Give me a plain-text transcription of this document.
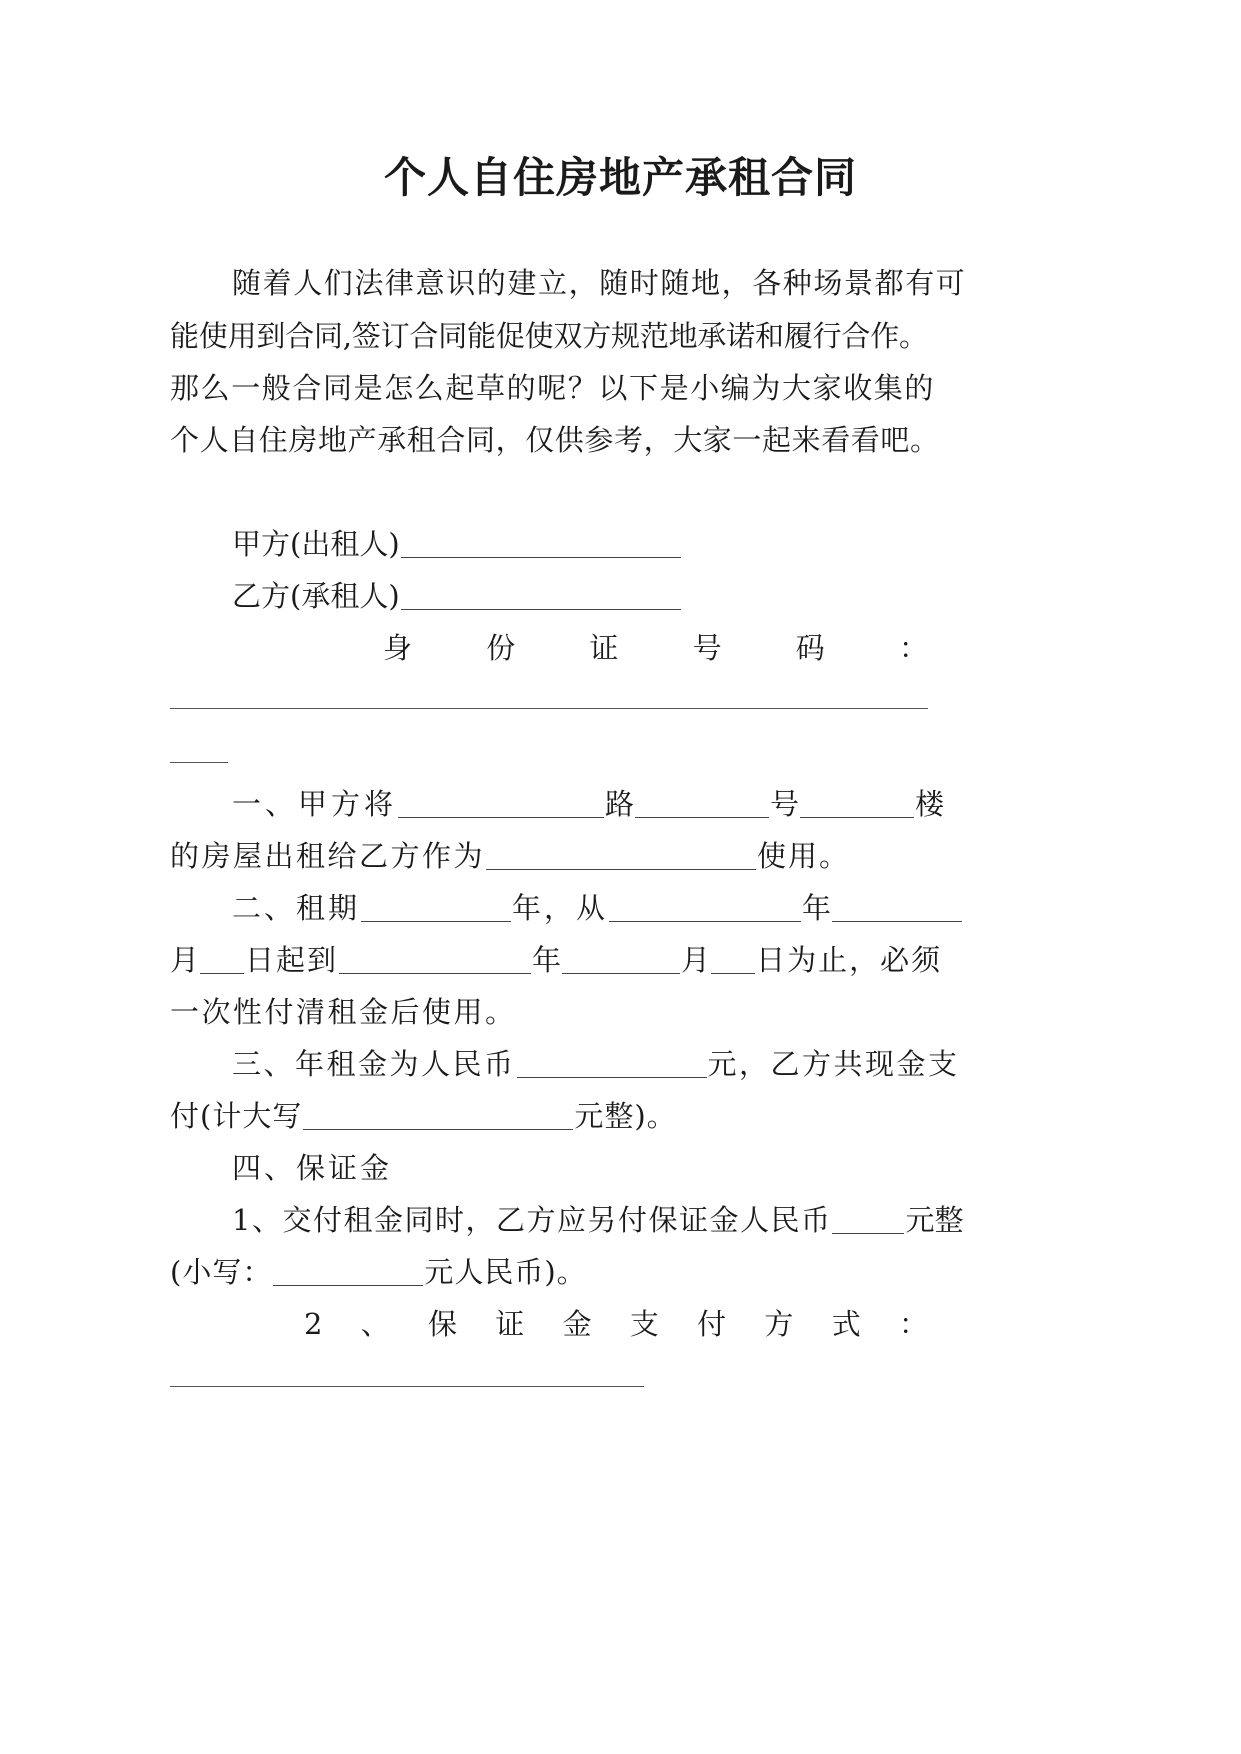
个人自住房地产承租合同
随着人们法律意识的建立，随时随地，各种场景都有可
能使用到合同,签订合同能促使双方规范地承诺和履行合作。
那么一般合同是怎么起草的呢？以下是小编为大家收集的
个人自住房地产承租合同，仅供参考，大家一起来看看吧。
甲方(出租人)
乙方(承租人)
身	份	证	号	码	：
一、甲方将	路	号	楼
的房屋出租给乙方作为	使用。
二、租期	年，从	年
月 日起到	年	月 日为止，必须
一次性付清租金后使用。
三、年租金为人民币	元，乙方共现金支
付(计大写	元整)。
四、保证金
1、交付租金同时，乙方应另付保证金人民币	元整
(小写：	元人民币)。
2 、 保 证 金 支 付 方 式 ：
